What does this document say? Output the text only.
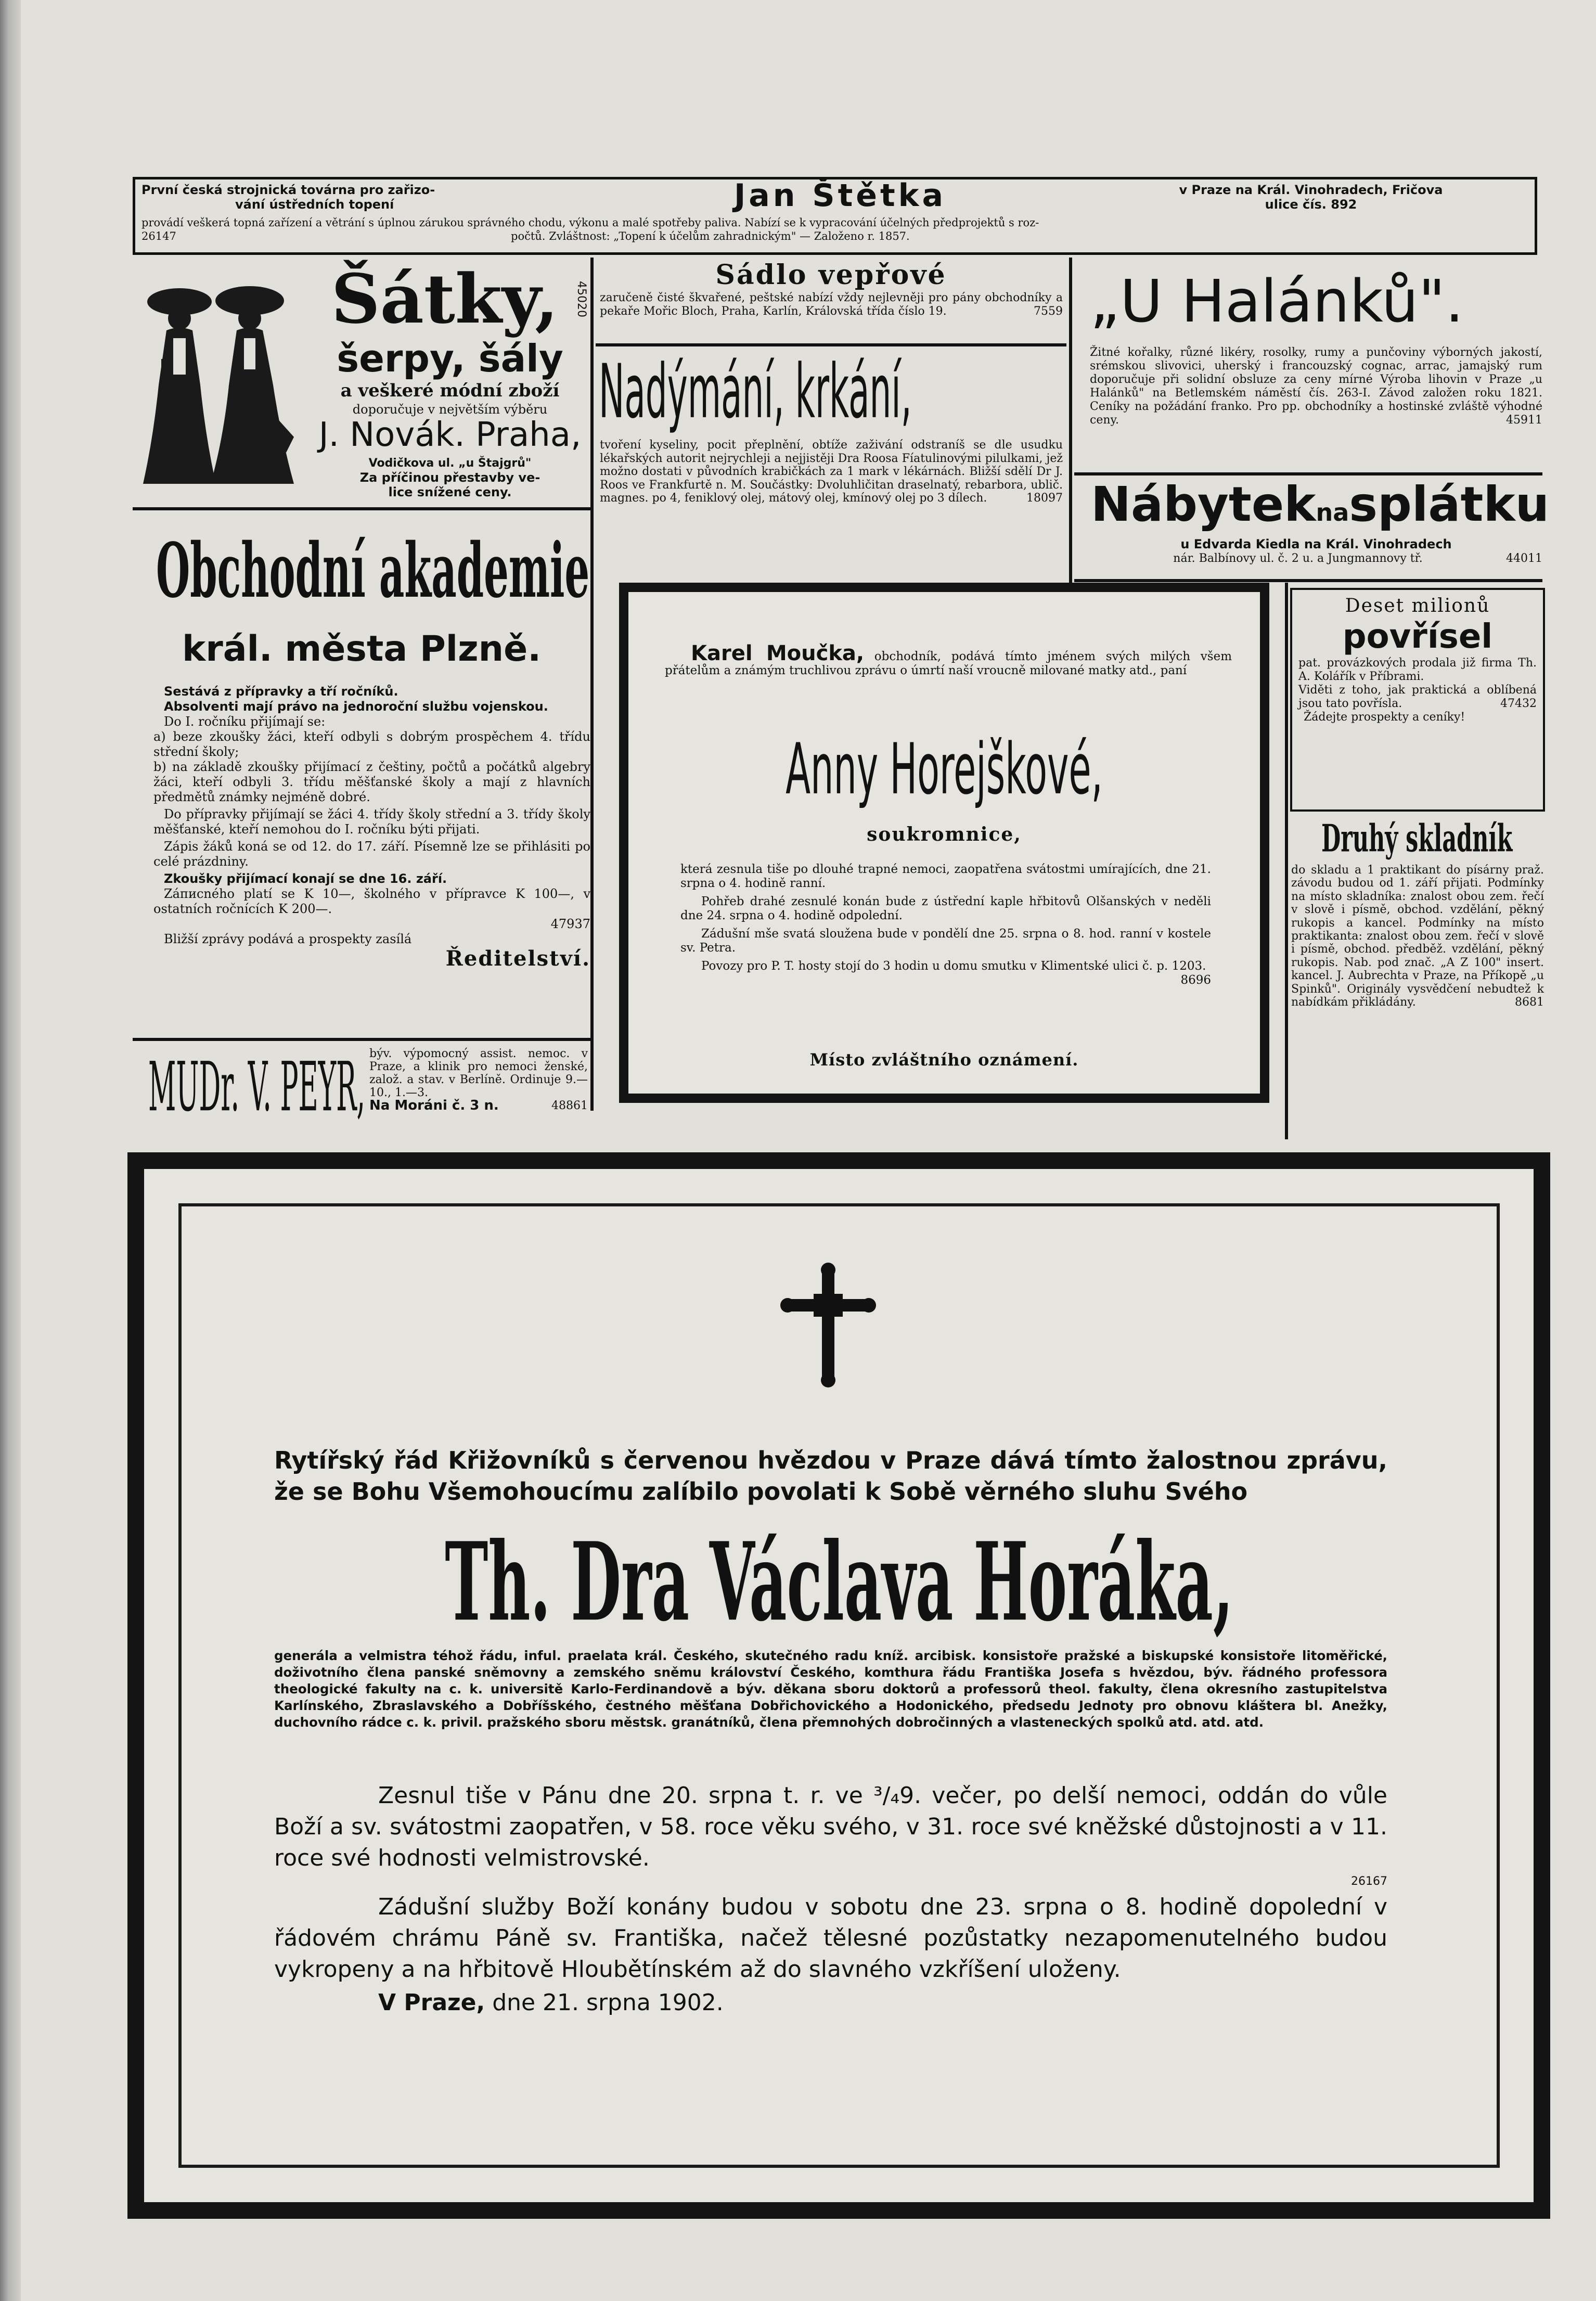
První česká strojnická továrna pro zařizo-
vání ústředních topení	Jan Štětka	v Praze na Král. Vinohradech, Fričova
ulice čís. 892
provádí veškerá topná zařízení a větrání s úplnou zárukou správného chodu, výkonu a malé spotřeby paliva. Nabízí se k vypracování účelných předprojektů s roz-
26147	počtů. Zvláštnost: „Topení k účelům zahradnickým" — Založeno r. 1857.
Šátky,	45020
šerpy, šály
a veškeré módní zboží
doporučuje v největším výběru
J. Novák. Praha,
Vodičkova ul. „u Štajgrů"
Za příčinou přestavby ve-
lice snížené ceny.
Obchodní akademie
král. města Plzně.
Sestává z přípravky a tří ročníků.
Absolventi mají právo na jednoroční službu vojenskou.
Do I. ročníku přijímají se:
a) beze zkoušky žáci, kteří odbyli s dobrým prospěchem 4. třídu střední školy;
b) na základě zkoušky přijímací z češtiny, počtů a počátků algebry žáci, kteří odbyli 3. třídu měšťanské školy a mají z hlavních předmětů známky nejméně dobré.
Do přípravky přijímají se žáci 4. třídy školy střední a 3. třídy školy měšťanské, kteří nemohou do I. ročníku býti přijati.
Zápis žáků koná se od 12. do 17. září. Písemně lze se přihlásiti po celé prázdniny.
Zkoušky přijímací konají se dne 16. září.
Záписného platí se K 10—, školného v přípravce K 100—, v ostatních ročnících K 200—.
47937
Bližší zprávy podává a prospekty zasílá
Ředitelství.
MUDr. V. PEYR, býv. výpomocný assist. nemoc. v Praze, a klinik pro nemoci ženské, založ. a stav. v Berlíně. Ordinuje 9.—10., 1.—3.
Na Moráni č. 3 n.	48861
Sádlo vepřové
zaručeně čisté škvařené, peštské nabízí vždy nejlevněji pro pány obchodníky a pekaře Mořic Bloch, Praha, Karlín, Královská třída číslo 19.	7559
Nadýmání, krkání,
tvoření kyseliny, pocit přeplnění, obtíže zaživání odstraníš se dle usudku lékařských autorit nejrychleji a nejjistěji Dra Roosa Fíatulinovými pilulkami, jež možno dostati v původních krabičkách za 1 mark v lékárnách. Bližší sdělí Dr J. Roos ve Frankfurtě n. M. Součástky: Dvoluhličitan draselnatý, rebarbora, ublič. magnes. po 4, feniklový olej, mátový olej, kmínový olej po 3 dílech.	18097
„U Halánků".
Žitné kořalky, různé likéry, rosolky, rumy a punčoviny výborných jakostí, srémskou slivovici, uherský i francouzský cognac, arrac, jamajský rum doporučuje při solidní obsluze za ceny mírné Výroba lihovin v Praze „u Halánků" na Betlemském náměstí čís. 263-I. Závod založen roku 1821. Ceníky na požádání franko. Pro pp. obchodníky a hostinské zvláště výhodné ceny.	45911
Nábyteknasplátku
u Edvarda Kiedla na Král. Vinohradech
nár. Balbínovy ul. č. 2 u. a Jungmannovy tř.	44011
Karel Moučka, obchodník, podává tímto jménem svých milých všem přátelům a známým truchlivou zprávu o úmrtí naší vroucně milované matky atd., paní
Anny Horejškové,
soukromnice,
která zesnula tiše po dlouhé trapné nemoci, zaopatřena svátostmi umírajících, dne 21. srpna o 4. hodině ranní.
Pohřeb drahé zesnulé konán bude z ústřední kaple hřbitovů Olšanských v neděli dne 24. srpna o 4. hodině odpolední.
Zádušní mše svatá sloužena bude v pondělí dne 25. srpna o 8. hod. ranní v kostele sv. Petra.
Povozy pro P. T. hosty stojí do 3 hodin u domu smutku v Klimentské ulici č. p. 1203.
8696
Místo zvláštního oznámení.
Deset milionů
povřísel
pat. provázkových prodala již firma Th. A. Kolářík v Příbrami.
Viděti z toho, jak praktická a oblíbená jsou tato povřísla.	47432
Žádejte prospekty a ceníky!
Druhý skladník
do skladu a 1 praktikant do písárny praž. závodu budou od 1. září přijati. Podmínky na místo skladníka: znalost obou zem. řečí v slově i písmě, obchod. vzdělání, pěkný rukopis a kancel. Podmínky na místo praktikanta: znalost obou zem. řečí v slově i písmě, obchod. předběž. vzdělání, pěkný rukopis. Nab. pod znač. „A Z 100" insert. kancel. J. Aubrechta v Praze, na Příkopě „u Spinků". Originály vysvědčení nebudtež k nabídkám přikládány.	8681
Rytířský řád Křižovníků s červenou hvězdou v Praze dává tímto žalostnou zprávu, že se Bohu Všemohoucímu zalíbilo povolati k Sobě věrného sluhu Svého
Th. Dra Václava Horáka,
generála a velmistra téhož řádu, inful. praelata král. Českého, skutečného radu kníž. arcibisk. konsistoře pražské a biskupské konsistoře litoměřické, doživotního člena panské sněmovny a zemského sněmu království Českého, komthura řádu Františka Josefa s hvězdou, býv. řádného professora theologické fakulty na c. k. universitě Karlo-Ferdinandově a býv. děkana sboru doktorů a professorů theol. fakulty, člena okresního zastupitelstva Karlínského, Zbraslavského a Dobříšského, čestného měšťana Dobřichovického a Hodonického, předsedu Jednoty pro obnovu kláštera bl. Anežky, duchovního rádce c. k. privil. pražského sboru městsk. granátníků, člena přemnohých dobročinných a vlasteneckých spolků atd. atd. atd.
Zesnul tiše v Pánu dne 20. srpna t. r. ve ³/₄9. večer, po delší nemoci, oddán do vůle Boží a sv. svátostmi zaopatřen, v 58. roce věku svého, v 31. roce své kněžské důstojnosti a v 11. roce své hodnosti velmistrovské.
26167
Zádušní služby Boží konány budou v sobotu dne 23. srpna o 8. hodině dopolední v řádovém chrámu Páně sv. Františka, načež tělesné pozůstatky nezapomenutelného budou vykropeny a na hřbitově Hloubětínském až do slavného vzkříšení uloženy.
V Praze, dne 21. srpna 1902.
